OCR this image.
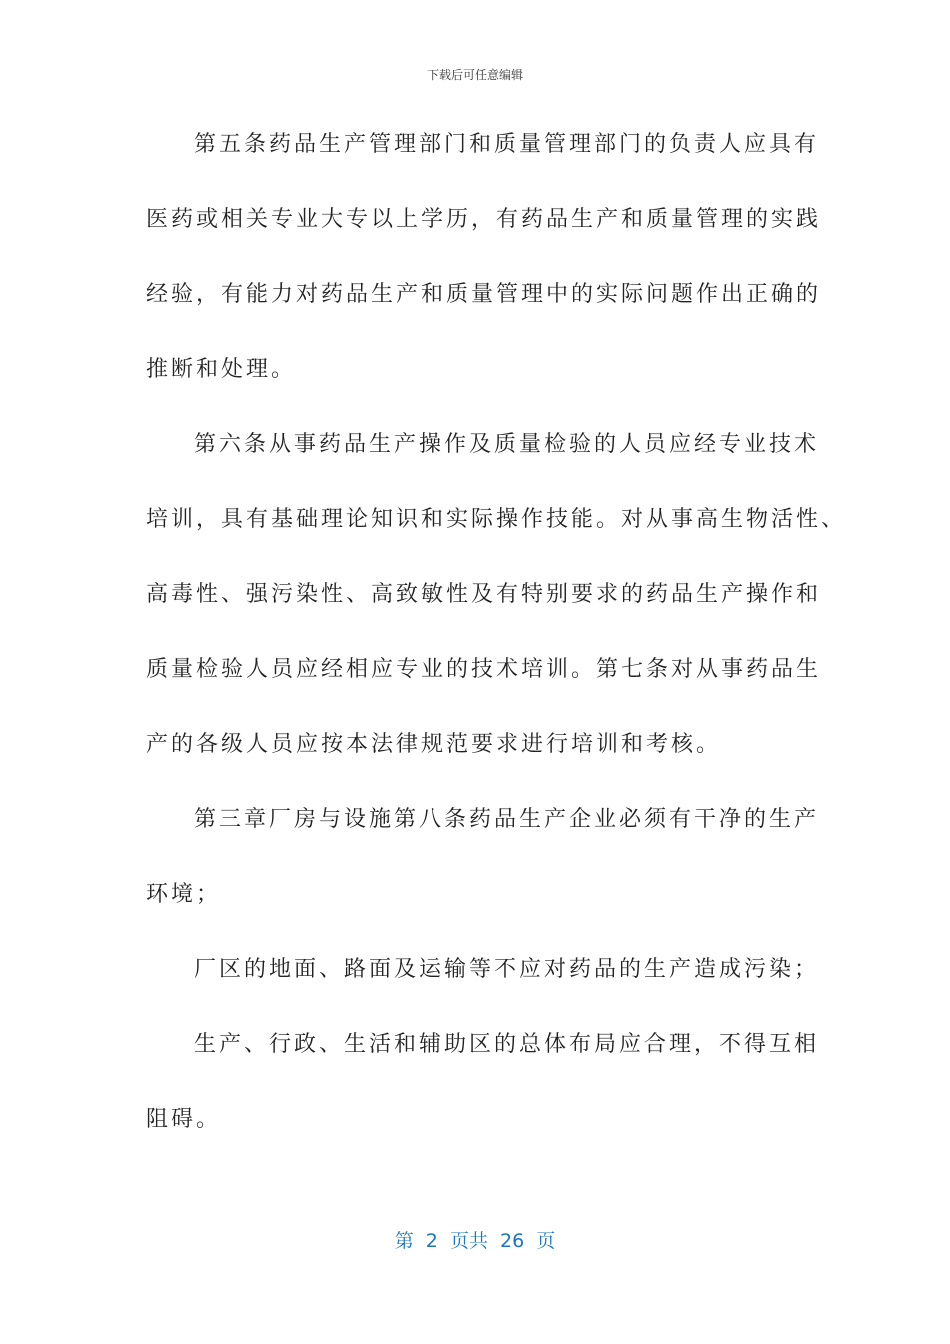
下载后可任意编辑
第五条药品生产管理部门和质量管理部门的负责人应具有
医药或相关专业大专以上学历，有药品生产和质量管理的实践
经验，有能力对药品生产和质量管理中的实际问题作出正确的
推断和处理。
第六条从事药品生产操作及质量检验的人员应经专业技术
培训，具有基础理论知识和实际操作技能。对从事高生物活性、
高毒性、强污染性、高致敏性及有特别要求的药品生产操作和
质量检验人员应经相应专业的技术培训。第七条对从事药品生
产的各级人员应按本法律规范要求进行培训和考核。
第三章厂房与设施第八条药品生产企业必须有干净的生产
环境；
厂区的地面、路面及运输等不应对药品的生产造成污染；
生产、行政、生活和辅助区的总体布局应合理，不得互相
阻碍。
第  2  页共  26  页
